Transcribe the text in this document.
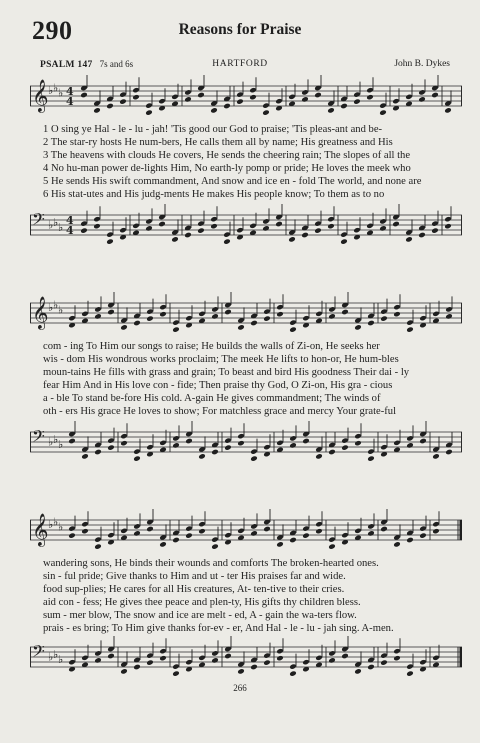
290	Reasons for Praise
PSALM 147 7s and 6s	HARTFORD	John B. Dykes
𝄞 ♭ ♭ ♭ 4
4
1 O sing ye Hal - le - lu - jah! 'Tis good our God to praise; 'Tis pleas-ant and be-
2 The star-ry hosts He num-bers, He calls them all by name; His greatness and His
3 The heavens with clouds He covers, He sends the cheering rain; The slopes of all the
4 No hu-man power de-lights Him, No earth-ly pomp or pride; He loves the meek who
5 He sends His swift commandment, And snow and ice en - fold The world, and none are
6 His stat-utes and His judg-ments He makes His people know; To them as to no
𝄢 ♭ ♭ ♭
4
4
𝄞 ♭ ♭ ♭
com - ing To Him our songs to raise; He builds the walls of Zi-on, He seeks her
wis - dom His wondrous works proclaim; The meek He lifts to hon-or, He hum-bles
moun-tains He fills with grass and grain; To beast and bird His goodness Their dai - ly
fear Him And in His love con - fide; Then praise thy God, O Zi-on, His gra - cious
a - ble To stand be-fore His cold. A-gain He gives commandment; The winds of
oth - ers His grace He loves to show; For matchless grace and mercy Your grate-ful
𝄢 ♭ ♭ ♭
𝄞 ♭ ♭ ♭
wandering sons, He binds their wounds and comforts The broken-hearted ones.
sin - ful pride; Give thanks to Him and ut - ter His praises far and wide.
food sup-plies; He cares for all His creatures, At- ten-tive to their cries.
aid con - fess; He gives thee peace and plen-ty, His gifts thy children bless.
sum - mer blow, The snow and ice are melt - ed, A - gain the wa-ters flow.
prais - es bring; To Him give thanks for-ev - er, And Hal - le - lu - jah sing. A-men.
𝄢 ♭ ♭ ♭
266
